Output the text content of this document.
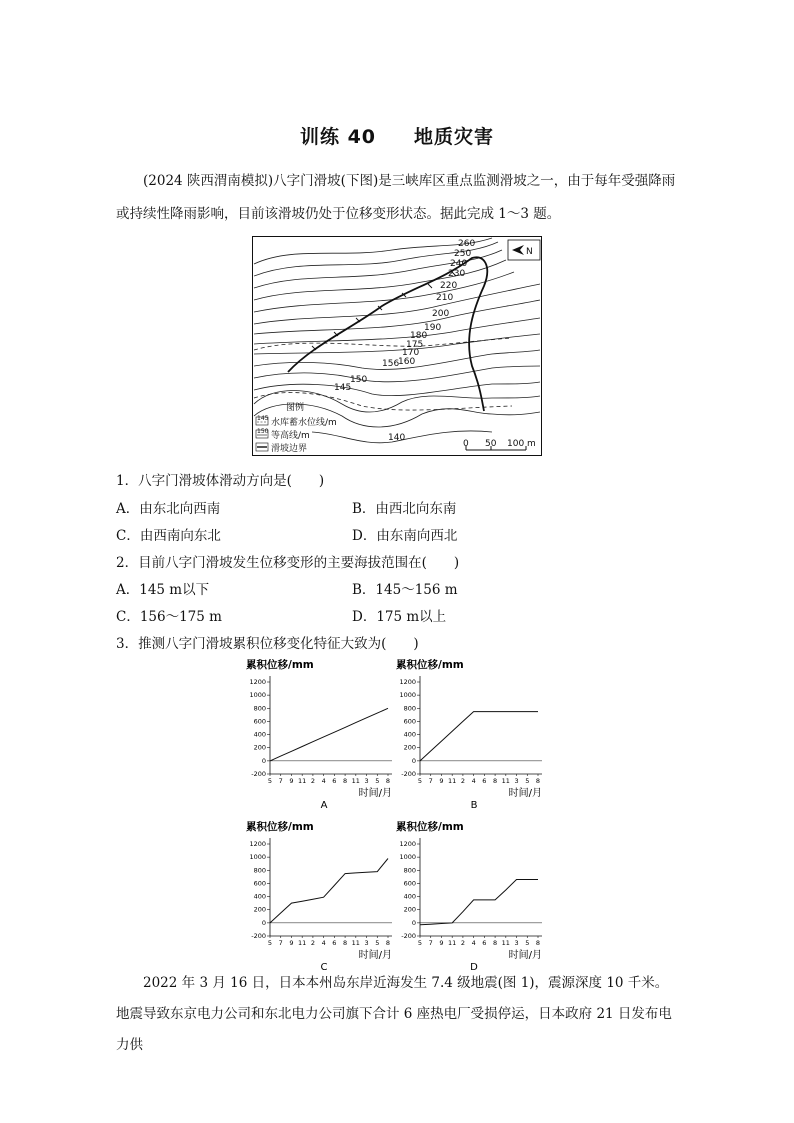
训练 40 地质灾害
(2024 陕西渭南模拟)八字门滑坡(下图)是三峡库区重点监测滑坡之一，由于每年受强降雨或持续性降雨影响，目前该滑坡仍处于位移变形状态。据此完成 1～3 题。
260
250
240
230
220
210
200
190
180
175
170
160
156
150
145
140
N
图例
145 水库蓄水位线/m
150 等高线/m
滑坡边界	0 50 100 m
1．八字门滑坡体滑动方向是(　　)
A．由东北向西南	B．由西北向东南
C．由西南向东北	D．由东南向西北
2．目前八字门滑坡发生位移变形的主要海拔范围在(　　)
A．145 m以下	B．145～156 m
C．156～175 m	D．175 m以上
3．推测八字门滑坡累积位移变化特征大致为(　　)
累积位移/mm
1200
1000
800
600
400
200
0
-200
5 7 9 11 2 4 6 8 11 3 5 8
时间/月
A
累积位移/mm
1200
1000
800
600
400
200
0
-200
5 7 9 11 2 4 6 8 11 3 5 8
时间/月
B
累积位移/mm
1200
1000
800
600
400
200
0
-200
5 7 9 11 2 4 6 8 11 3 5 8
时间/月
C
累积位移/mm
1200
1000
800
600
400
200
0
-200
5 7 9 11 2 4 6 8 11 3 5 8
时间/月
D
2022 年 3 月 16 日，日本本州岛东岸近海发生 7.4 级地震(图 1)，震源深度 10 千米。地震导致东京电力公司和东北电力公司旗下合计 6 座热电厂受损停运，日本政府 21 日发布电力供
